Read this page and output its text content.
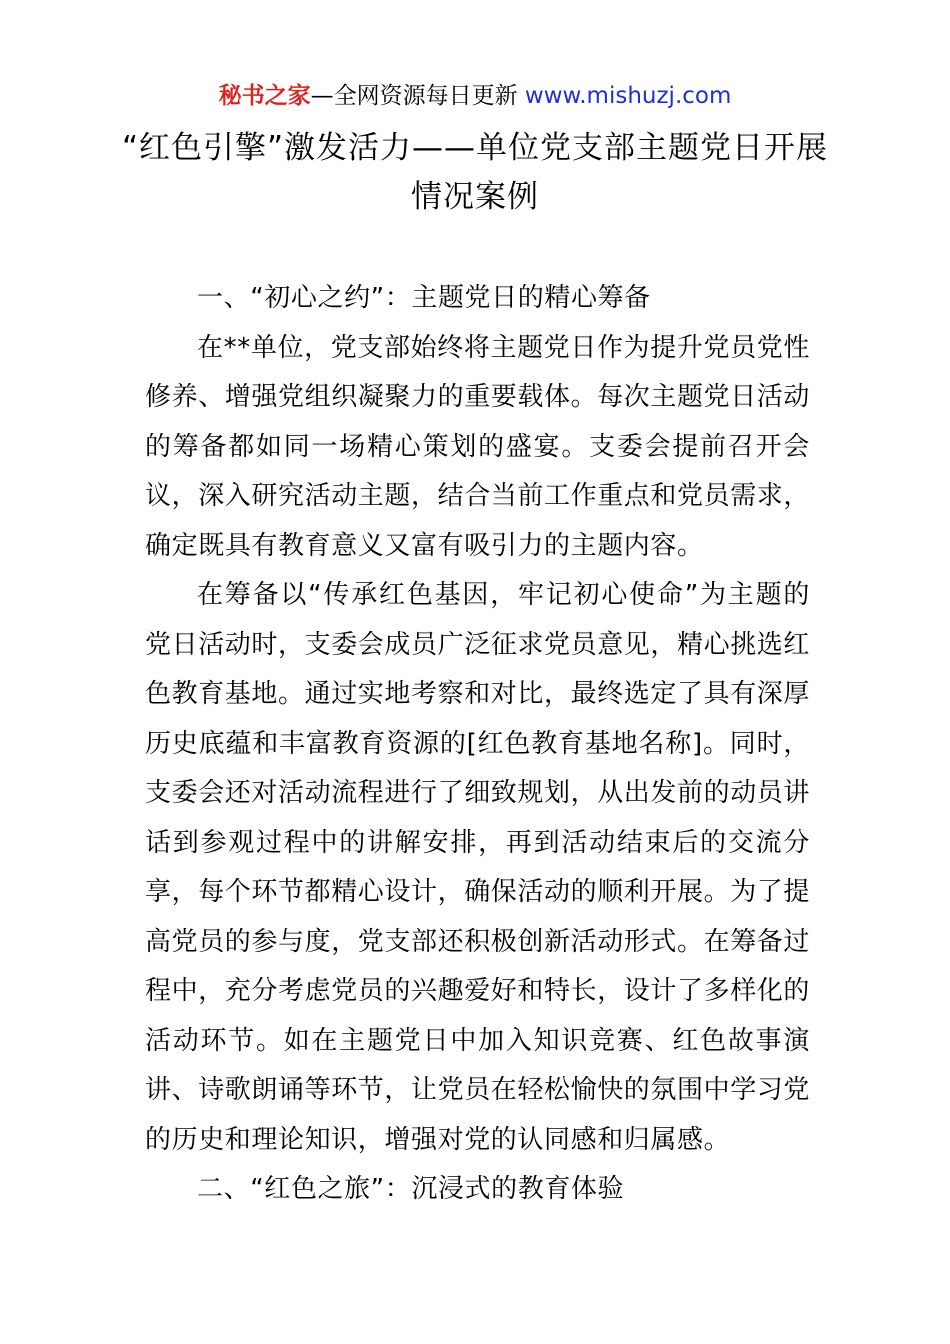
秘书之家—全网资源每日更新 www.mishuzj.com
“红色引擎”激发活力——单位党支部主题党日开展情况案例

一、“初心之约”：主题党日的精心筹备

在**单位，党支部始终将主题党日作为提升党员党性修养、增强党组织凝聚力的重要载体。每次主题党日活动的筹备都如同一场精心策划的盛宴。支委会提前召开会议，深入研究活动主题，结合当前工作重点和党员需求，确定既具有教育意义又富有吸引力的主题内容。

在筹备以“传承红色基因，牢记初心使命”为主题的党日活动时，支委会成员广泛征求党员意见，精心挑选红色教育基地。通过实地考察和对比，最终选定了具有深厚历史底蕴和丰富教育资源的[红色教育基地名称]。同时，支委会还对活动流程进行了细致规划，从出发前的动员讲话到参观过程中的讲解安排，再到活动结束后的交流分享，每个环节都精心设计，确保活动的顺利开展。为了提高党员的参与度，党支部还积极创新活动形式。在筹备过程中，充分考虑党员的兴趣爱好和特长，设计了多样化的活动环节。如在主题党日中加入知识竞赛、红色故事演讲、诗歌朗诵等环节，让党员在轻松愉快的氛围中学习党的历史和理论知识，增强对党的认同感和归属感。

二、“红色之旅”：沉浸式的教育体验
